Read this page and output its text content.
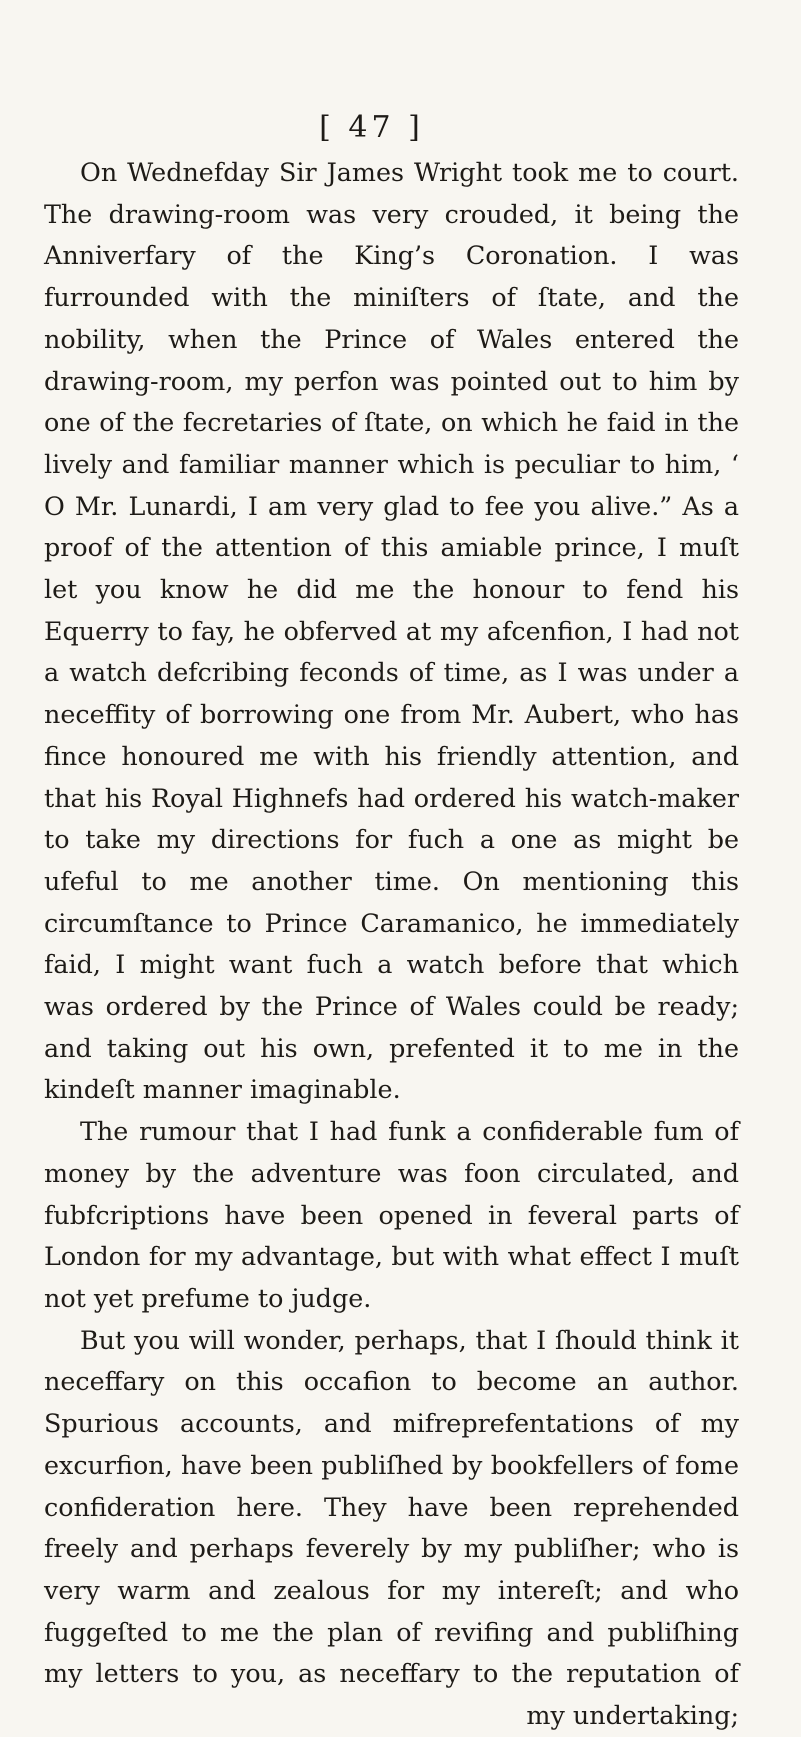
[ 47 ]

On Wednefday Sir James Wright took me to court. The drawing-room was very crouded, it being the Anniverfary of the King’s Coronation. I was furrounded with the miniſters of ſtate, and the nobility, when the Prince of Wales entered the drawing-room, my perfon was pointed out to him by one of the fecretaries of ſtate, on which he faid in the lively and familiar manner which is peculiar to him, ‘ O Mr. Lunardi, I am very glad to fee you alive.” As a proof of the attention of this amiable prince, I muſt let you know he did me the honour to fend his Equerry to fay, he obferved at my afcenfion, I had not a watch defcribing feconds of time, as I was under a neceffity of borrowing one from Mr. Aubert, who has fince honoured me with his friendly attention, and that his Royal Highnefs had ordered his watch-maker to take my directions for fuch a one as might be ufeful to me another time. On mentioning this circumſtance to Prince Caramanico, he immediately faid, I might want fuch a watch before that which was ordered by the Prince of Wales could be ready; and taking out his own, prefented it to me in the kindeſt manner imaginable.

The rumour that I had funk a confiderable fum of money by the adventure was foon circulated, and fubfcriptions have been opened in feveral parts of London for my advantage, but with what effect I muſt not yet prefume to judge.

But you will wonder, perhaps, that I ſhould think it neceffary on this occafion to become an author. Spurious accounts, and mifreprefentations of my excurfion, have been publiſhed by bookfellers of fome confideration here. They have been reprehended freely and perhaps feverely by my publiſher; who is very warm and zealous for my intereſt; and who fuggeſted to me the plan of revifing and publiſhing my letters to you, as neceffary to the reputation of my undertaking;
